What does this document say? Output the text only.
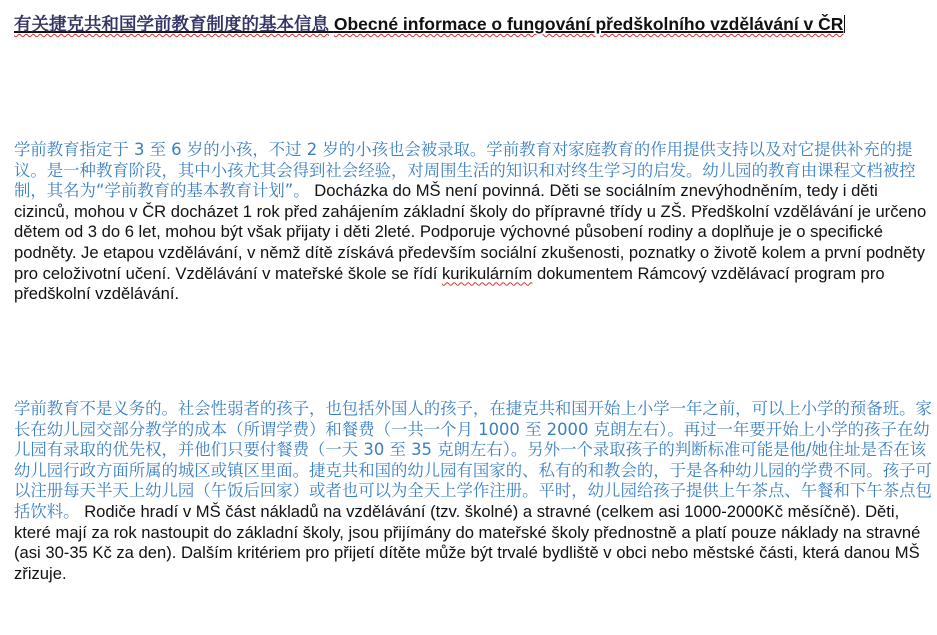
有关捷克共和国学前教育制度的基本信息 Obecné informace o fungování předškolního vzdělávání v ČR
学前教育指定于 3 至 6 岁的小孩，不过 2 岁的小孩也会被录取。学前教育对家庭教育的作用提供支持以及对它提供补充的提议。是一种教育阶段，其中小孩尤其会得到社会经验，对周围生活的知识和对终生学习的启发。幼儿园的教育由课程文档被控制，其名为“学前教育的基本教育计划”。 Docházka do MŠ není povinná. Děti se sociálním znevýhodněním, tedy i děti cizinců, mohou v ČR docházet 1 rok před zahájením základní školy do přípravné třídy u ZŠ. Předškolní vzdělávání je určeno dětem od 3 do 6 let, mohou být však přijaty i děti 2leté. Podporuje výchovné působení rodiny a doplňuje je o specifické podněty. Je etapou vzdělávání, v němž dítě získává především sociální zkušenosti, poznatky o životě kolem a první podněty pro celoživotní učení. Vzdělávání v mateřské škole se řídí kurikulárním dokumentem Rámcový vzdělávací program pro předškolní vzdělávání.
学前教育不是义务的。社会性弱者的孩子，也包括外国人的孩子，在捷克共和国开始上小学一年之前，可以上小学的预备班。家长在幼儿园交部分教学的成本（所谓学费）和餐费（一共一个月 1000 至 2000 克朗左右）。再过一年要开始上小学的孩子在幼儿园有录取的优先权，并他们只要付餐费（一天 30 至 35 克朗左右）。另外一个录取孩子的判断标准可能是他/她住址是否在该幼儿园行政方面所属的城区或镇区里面。捷克共和国的幼儿园有国家的、私有的和教会的，于是各种幼儿园的学费不同。孩子可以注册每天半天上幼儿园（午饭后回家）或者也可以为全天上学作注册。平时，幼儿园给孩子提供上午茶点、午餐和下午茶点包括饮料。 Rodiče hradí v MŠ část nákladů na vzdělávání (tzv. školné) a stravné (celkem asi 1000-2000Kč měsíčně). Děti, které mají za rok nastoupit do základní školy, jsou přijímány do mateřské školy přednostně a platí pouze náklady na stravné (asi 30-35 Kč za den). Dalším kritériem pro přijetí dítěte může být trvalé bydliště v obci nebo městské části, která danou MŠ zřizuje.
